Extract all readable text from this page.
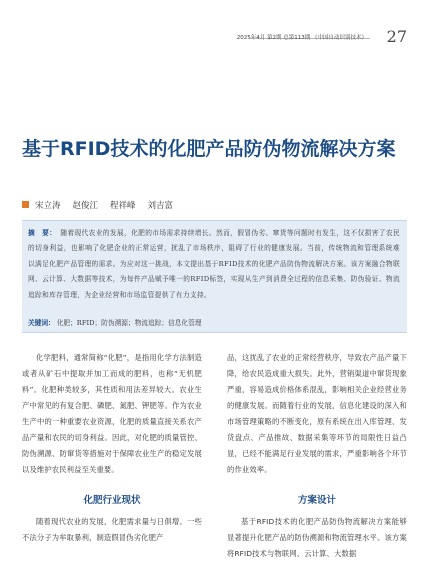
2025年4月 第2期 总第113期 《中国自动识别技术》 27
基于RFID技术的化肥产品防伪物流解决方案
宋立涛 赵俊江 程祥峰 刘吉富

摘　要： 随着现代农业的发展，化肥的市场需求持续增长。然而，假冒伪劣、窜货等问题时有发生，这不仅损害了农民的切身利益，也影响了化肥企业的正常运营，扰乱了市场秩序，阻碍了行业的健康发展。当前，传统物流和管理系统难以满足化肥产品管理的需求。为应对这一挑战，本文提出基于RFID技术的化肥产品防伪物流解决方案。该方案融合物联网、云计算、大数据等技术，为每件产品赋予唯一的RFID标签，实现从生产到消费全过程的信息采集、防伪验证、物流追踪和库存管理，为企业经营和市场监管提供了有力支持。

关键词： 化肥；RFID；防伪溯源；物流追踪；信息化管理

化学肥料，通常简称“化肥”，是指用化学方法制造或者从矿石中提取并加工而成的肥料，也称“无机肥料”。化肥种类较多，其性质和用法差异较大。农业生产中常见的有复合肥、磷肥、氮肥、钾肥等。作为农业生产中的一种重要农业资源，化肥的质量直接关系农产品产量和农民的切身利益。因此，对化肥的质量管控、防伪溯源、防窜货等措施对于保障农业生产的稳定发展以及维护农民利益至关重要。

化肥行业现状

随着现代农业的发展，化肥需求量与日俱增。一些不法分子为牟取暴利，制造假冒伪劣化肥产

品，这扰乱了农业的正常经营秩序，导致农产品产量下降，给农民造成重大损失。此外，营销渠道中窜货现象严重，容易造成价格体系混乱，影响相关企业经营业务的健康发展。而随着行业的发展，信息化建设的深入和市场管理策略的不断变化，原有系统在出入库管理、发货盘点、产品推故、数据采集等环节的局限性日益凸显，已经不能满足行业发展的需求，严重影响各个环节的作业效率。

方案设计

基于RFID技术的化肥产品防伪物流解决方案能够显著提升化肥产品的防伪溯源和物流管理水平。该方案将RFID技术与物联网、云计算、大数据
